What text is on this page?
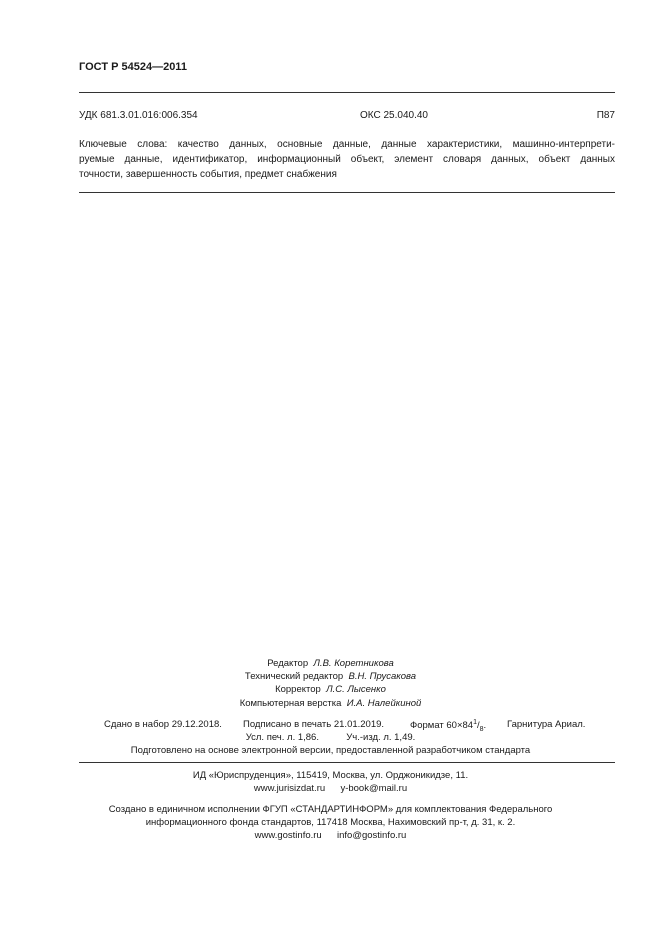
ГОСТ Р 54524—2011
УДК 681.3.01.016:006.354	ОКС 25.040.40	П87
Ключевые слова: качество данных, основные данные, данные характеристики, машинно-интерпрети-
руемые данные, идентификатор, информационный объект, элемент словаря данных, объект данных
точности, завершенность события, предмет снабжения
Редактор Л.В. Коретникова
Технический редактор В.Н. Прусакова
Корректор Л.С. Лысенко
Компьютерная верстка И.А. Налейкиной
Сдано в набор 29.12.2018. Подписано в печать 21.01.2019.	Формат $60\times 84^1/_8$. Гарнитура Ариал.
Усл. печ. л. 1,86.	Уч.-изд. л. 1,49.
Подготовлено на основе электронной версии, предоставленной разработчиком стандарта
ИД «Юриспруденция», 115419, Москва, ул. Орджоникидзе, 11.
www.jurisizdat.ru y-book@mail.ru
Создано в единичном исполнении ФГУП «СТАНДАРТИНФОРМ» для комплектования Федерального
информационного фонда стандартов, 117418 Москва, Нахимовский пр-т, д. 31, к. 2.
www.gostinfo.ru info@gostinfo.ru
